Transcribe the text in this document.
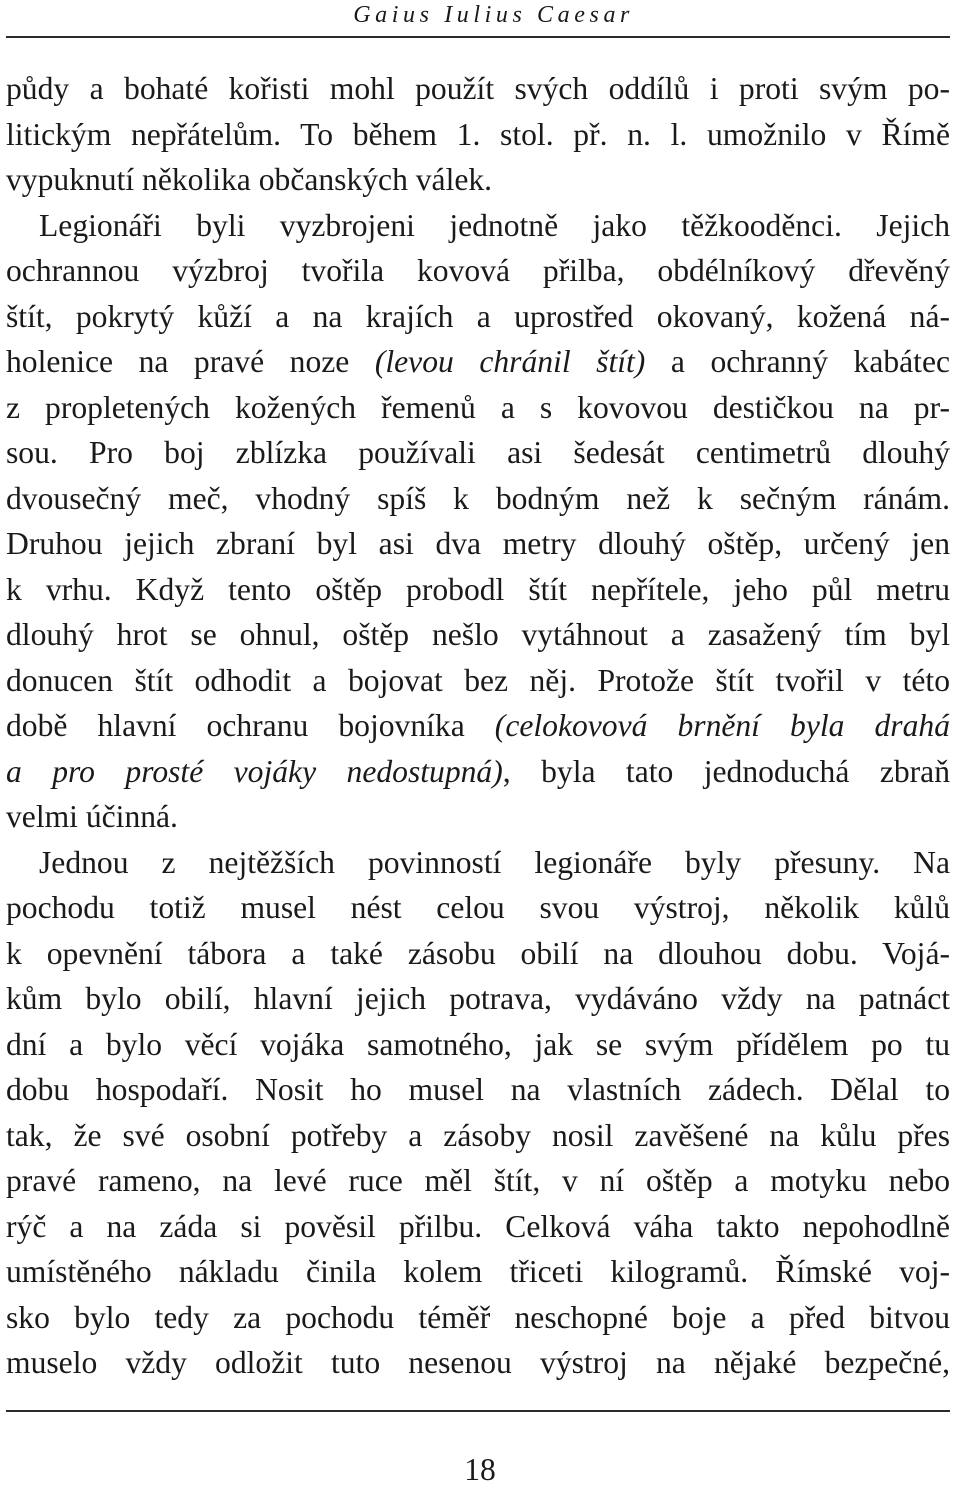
Gaius Iulius Caesar
půdy a bohaté kořisti mohl použít svých oddílů i proti svým po-
litickým nepřátelům. To během 1. stol. př. n. l. umožnilo v Římě
vypuknutí několika občanských válek.
Legionáři byli vyzbrojeni jednotně jako těžkooděnci. Jejich
ochrannou výzbroj tvořila kovová přilba, obdélníkový dřevěný
štít, pokrytý kůží a na krajích a uprostřed okovaný, kožená ná-
holenice na pravé noze (levou chránil štít) a ochranný kabátec
z propletených kožených řemenů a s kovovou destičkou na pr-
sou. Pro boj zblízka používali asi šedesát centimetrů dlouhý
dvousečný meč, vhodný spíš k bodným než k sečným ránám.
Druhou jejich zbraní byl asi dva metry dlouhý oštěp, určený jen
k vrhu. Když tento oštěp probodl štít nepřítele, jeho půl metru
dlouhý hrot se ohnul, oštěp nešlo vytáhnout a zasažený tím byl
donucen štít odhodit a bojovat bez něj. Protože štít tvořil v této
době hlavní ochranu bojovníka (celokovová brnění byla drahá
a pro prosté vojáky nedostupná), byla tato jednoduchá zbraň
velmi účinná.
Jednou z nejtěžších povinností legionáře byly přesuny. Na
pochodu totiž musel nést celou svou výstroj, několik kůlů
k opevnění tábora a také zásobu obilí na dlouhou dobu. Vojá-
kům bylo obilí, hlavní jejich potrava, vydáváno vždy na patnáct
dní a bylo věcí vojáka samotného, jak se svým přídělem po tu
dobu hospodaří. Nosit ho musel na vlastních zádech. Dělal to
tak, že své osobní potřeby a zásoby nosil zavěšené na kůlu přes
pravé rameno, na levé ruce měl štít, v ní oštěp a motyku nebo
rýč a na záda si pověsil přilbu. Celková váha takto nepohodlně
umístěného nákladu činila kolem třiceti kilogramů. Římské voj-
sko bylo tedy za pochodu téměř neschopné boje a před bitvou
muselo vždy odložit tuto nesenou výstroj na nějaké bezpečné,
18
